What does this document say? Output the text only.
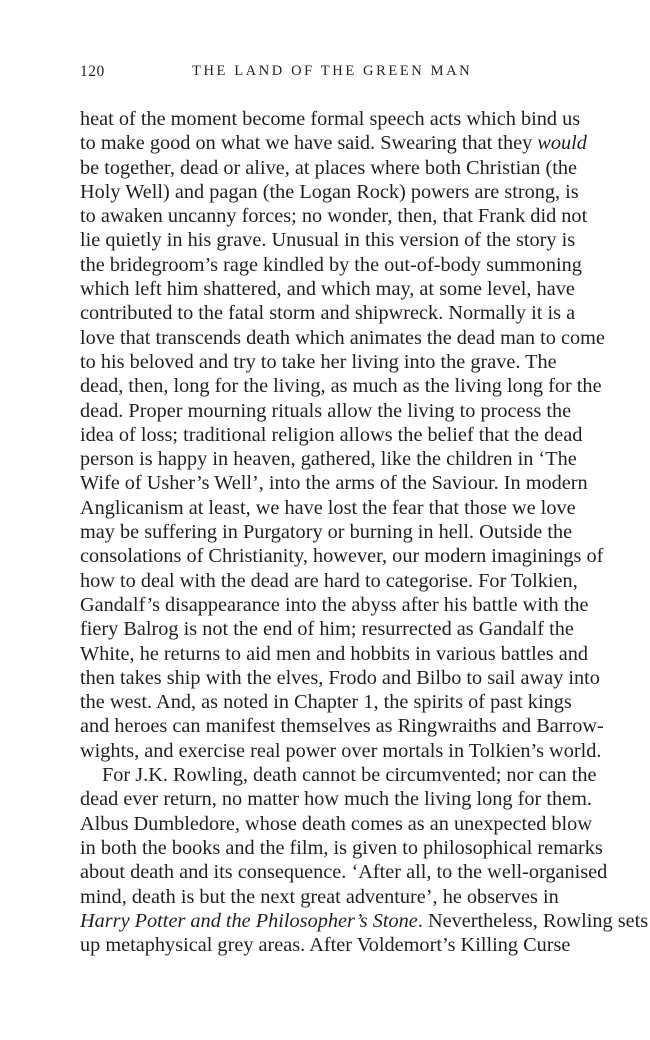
120	THE LAND OF THE GREEN MAN
heat of the moment become formal speech acts which bind us
to make good on what we have said. Swearing that they would
be together, dead or alive, at places where both Christian (the
Holy Well) and pagan (the Logan Rock) powers are strong, is
to awaken uncanny forces; no wonder, then, that Frank did not
lie quietly in his grave. Unusual in this version of the story is
the bridegroom’s rage kindled by the out-of-body summoning
which left him shattered, and which may, at some level, have
contributed to the fatal storm and shipwreck. Normally it is a
love that transcends death which animates the dead man to come
to his beloved and try to take her living into the grave. The
dead, then, long for the living, as much as the living long for the
dead. Proper mourning rituals allow the living to process the
idea of loss; traditional religion allows the belief that the dead
person is happy in heaven, gathered, like the children in ‘The
Wife of Usher’s Well’, into the arms of the Saviour. In modern
Anglicanism at least, we have lost the fear that those we love
may be suffering in Purgatory or burning in hell. Outside the
consolations of Christianity, however, our modern imaginings of
how to deal with the dead are hard to categorise. For Tolkien,
Gandalf’s disappearance into the abyss after his battle with the
fiery Balrog is not the end of him; resurrected as Gandalf the
White, he returns to aid men and hobbits in various battles and
then takes ship with the elves, Frodo and Bilbo to sail away into
the west. And, as noted in Chapter 1, the spirits of past kings
and heroes can manifest themselves as Ringwraiths and Barrow-
wights, and exercise real power over mortals in Tolkien’s world.
For J.K. Rowling, death cannot be circumvented; nor can the
dead ever return, no matter how much the living long for them.
Albus Dumbledore, whose death comes as an unexpected blow
in both the books and the film, is given to philosophical remarks
about death and its consequence. ‘After all, to the well-organised
mind, death is but the next great adventure’, he observes in
Harry Potter and the Philosopher’s Stone. Nevertheless, Rowling sets
up metaphysical grey areas. After Voldemort’s Killing Curse
